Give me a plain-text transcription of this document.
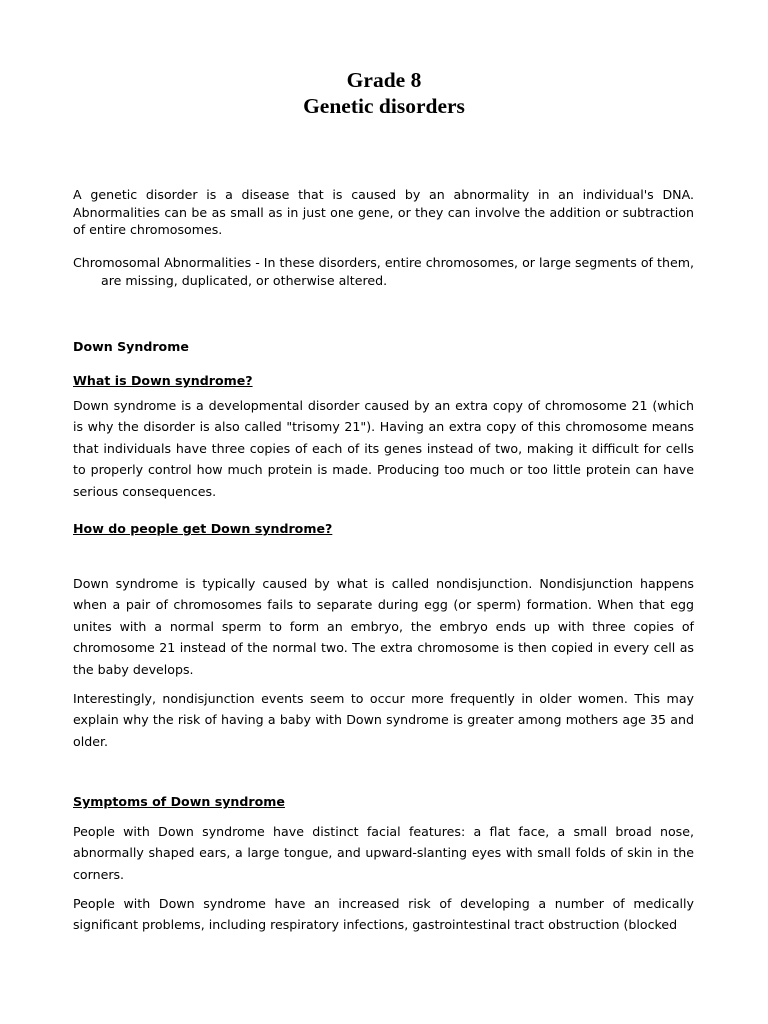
Grade 8
Genetic disorders

A genetic disorder is a disease that is caused by an abnormality in an individual's DNA. Abnormalities can be as small as in just one gene, or they can involve the addition or subtraction of entire chromosomes.

Chromosomal Abnormalities - In these disorders, entire chromosomes, or large segments of them, are missing, duplicated, or otherwise altered.

Down Syndrome

What is Down syndrome?

Down syndrome is a developmental disorder caused by an extra copy of chromosome 21 (which is why the disorder is also called "trisomy 21"). Having an extra copy of this chromosome means that individuals have three copies of each of its genes instead of two, making it difficult for cells to properly control how much protein is made. Producing too much or too little protein can have serious consequences.

How do people get Down syndrome?

Down syndrome is typically caused by what is called nondisjunction. Nondisjunction happens when a pair of chromosomes fails to separate during egg (or sperm) formation. When that egg unites with a normal sperm to form an embryo, the embryo ends up with three copies of chromosome 21 instead of the normal two. The extra chromosome is then copied in every cell as the baby develops.

Interestingly, nondisjunction events seem to occur more frequently in older women. This may explain why the risk of having a baby with Down syndrome is greater among mothers age 35 and older.

Symptoms of Down syndrome

People with Down syndrome have distinct facial features: a flat face, a small broad nose, abnormally shaped ears, a large tongue, and upward-slanting eyes with small folds of skin in the corners.

People with Down syndrome have an increased risk of developing a number of medically significant problems, including respiratory infections, gastrointestinal tract obstruction (blocked
